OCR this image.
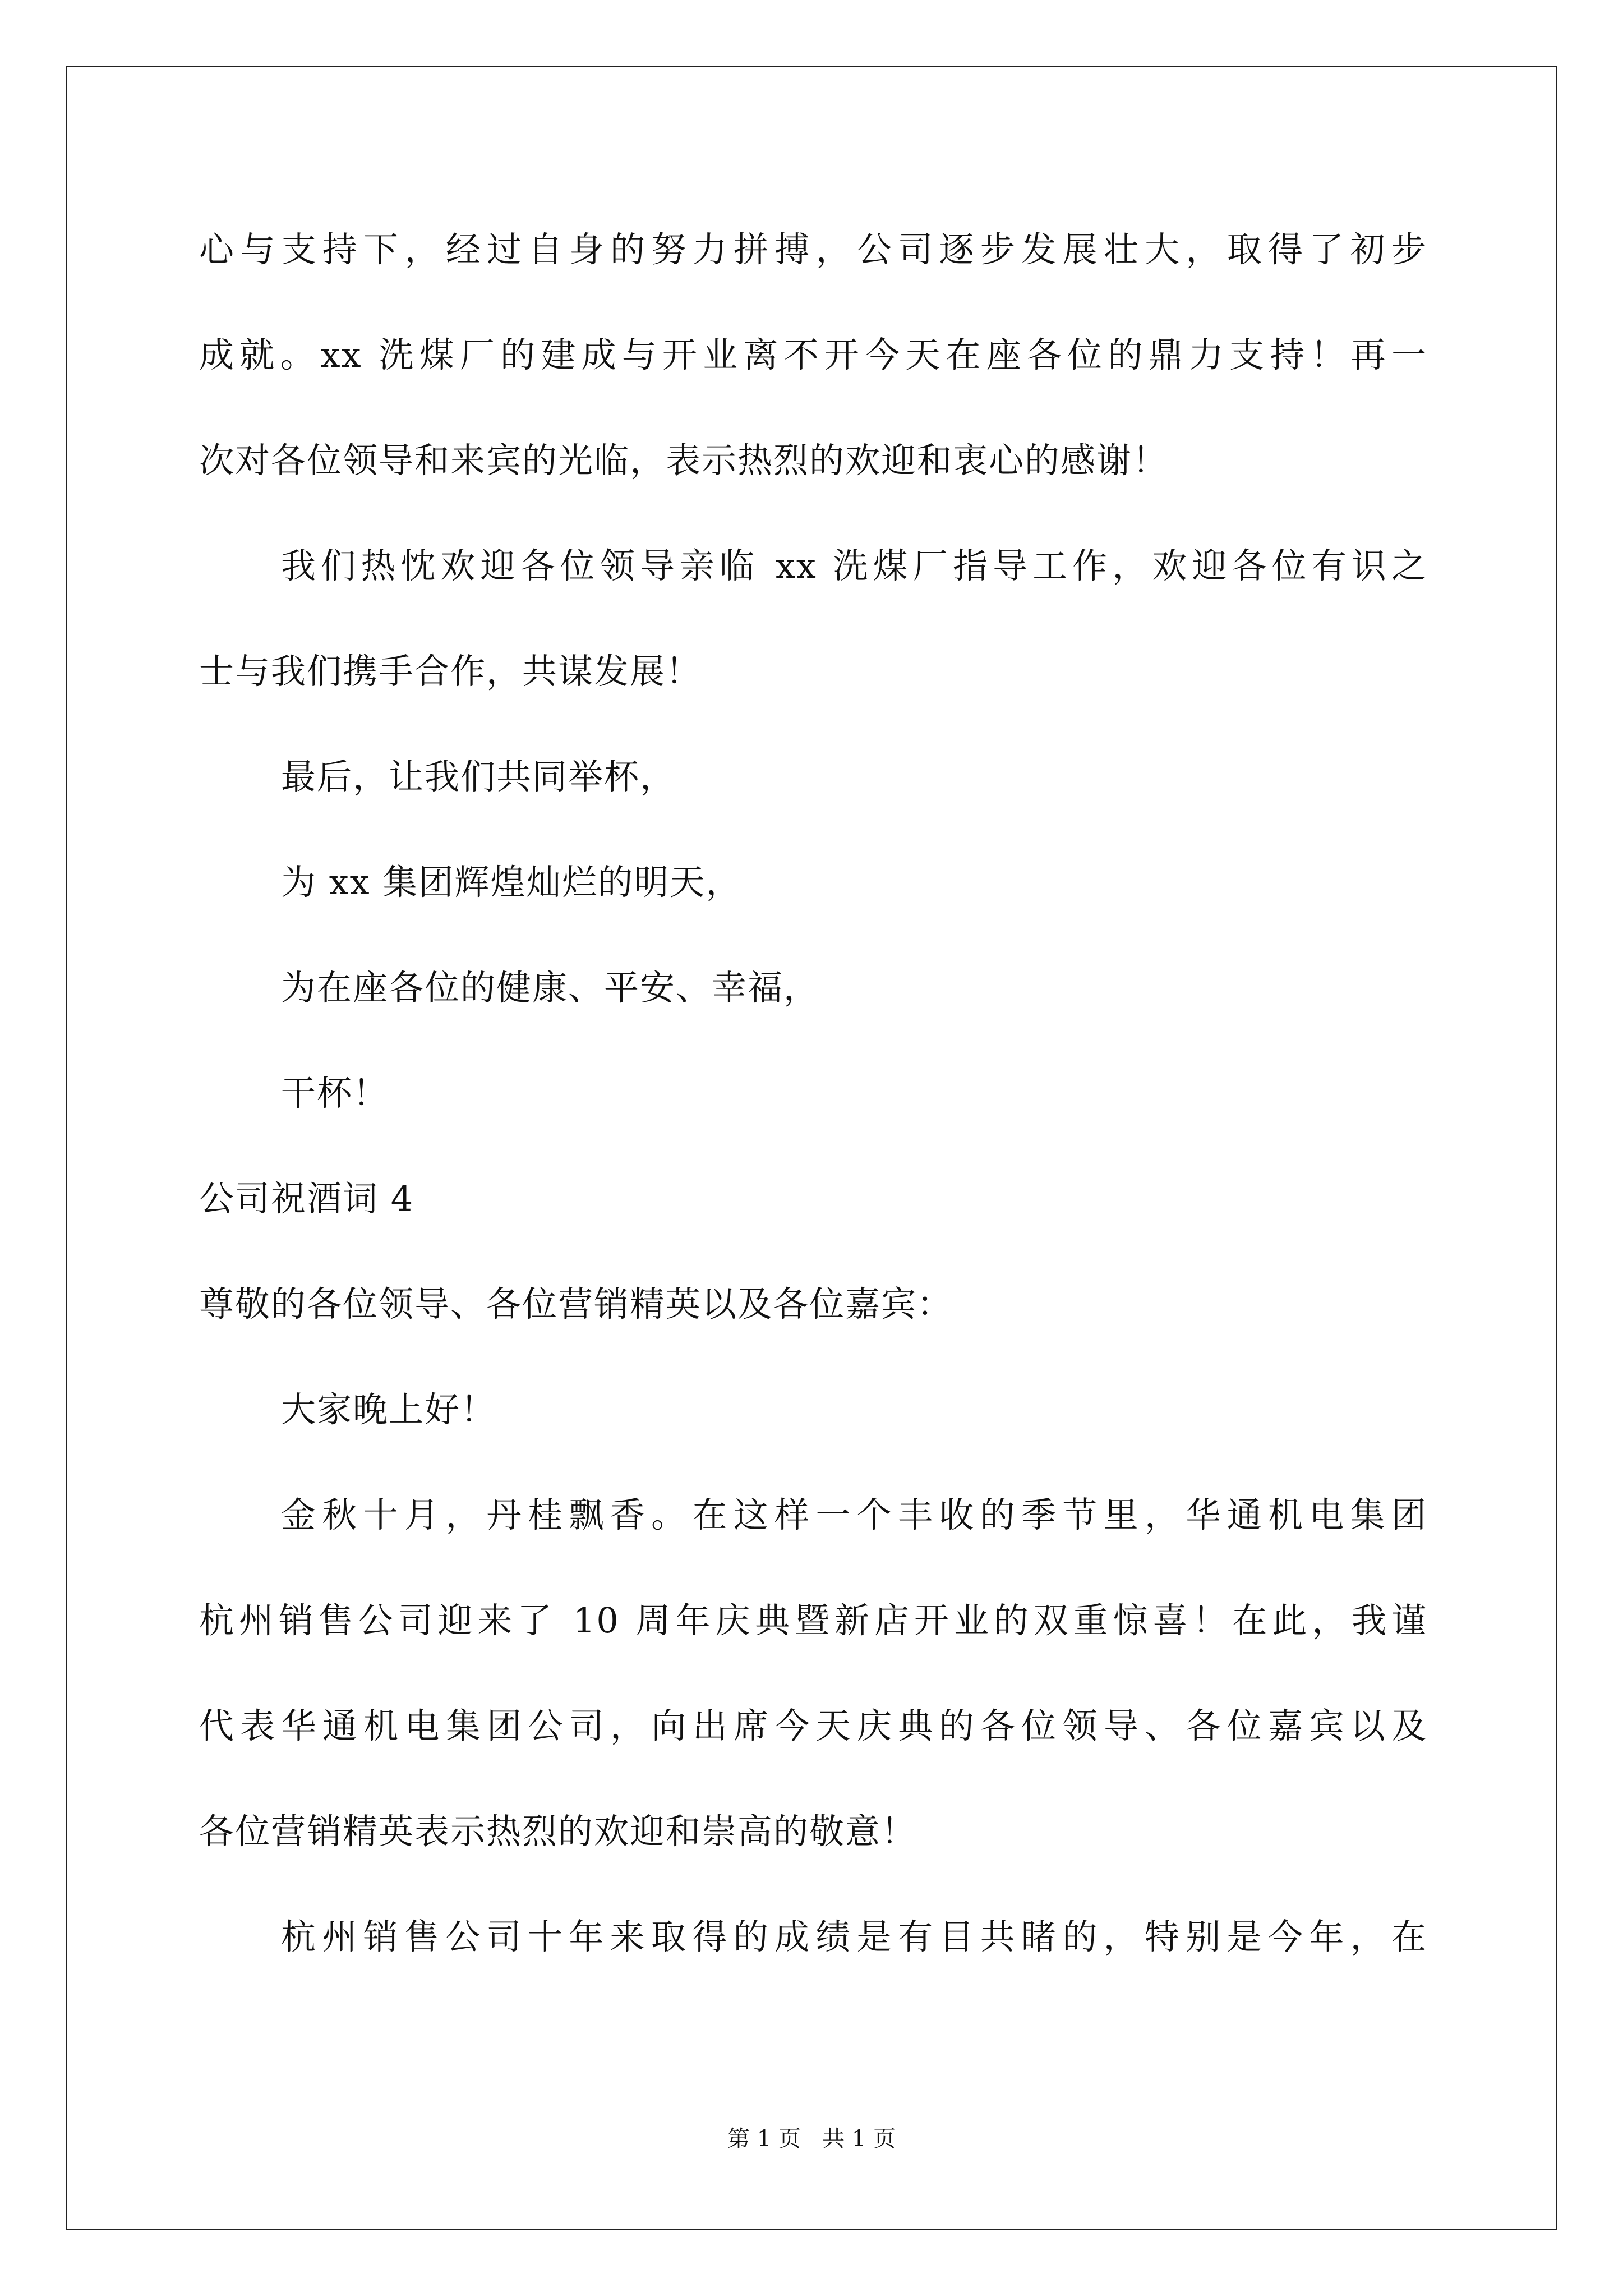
心与支持下，经过自身的努力拼搏，公司逐步发展壮大，取得了初步
成就。xx 洗煤厂的建成与开业离不开今天在座各位的鼎力支持！再一
次对各位领导和来宾的光临，表示热烈的欢迎和衷心的感谢！
我们热忱欢迎各位领导亲临 xx 洗煤厂指导工作，欢迎各位有识之
士与我们携手合作，共谋发展！
最后，让我们共同举杯，
为 xx 集团辉煌灿烂的明天，
为在座各位的健康、平安、幸福，
干杯！
公司祝酒词 4
尊敬的各位领导、各位营销精英以及各位嘉宾：
大家晚上好！
金秋十月，丹桂飘香。在这样一个丰收的季节里，华通机电集团
杭州销售公司迎来了 10 周年庆典暨新店开业的双重惊喜！在此，我谨
代表华通机电集团公司，向出席今天庆典的各位领导、各位嘉宾以及
各位营销精英表示热烈的欢迎和崇高的敬意！
杭州销售公司十年来取得的成绩是有目共睹的，特别是今年，在
第 1 页   共 1 页
